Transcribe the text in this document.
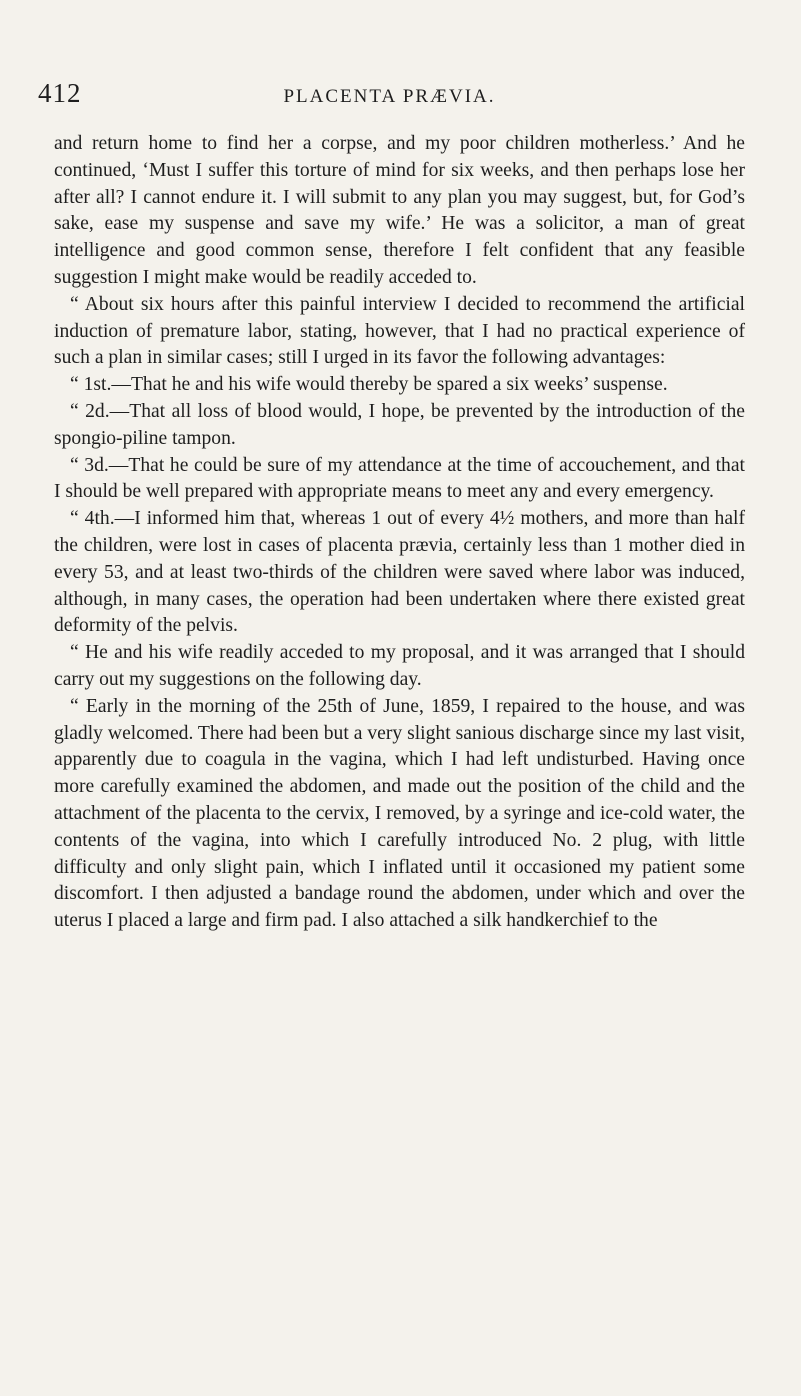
412	PLACENTA PRÆVIA.

and return home to find her a corpse, and my poor children motherless.’ And he continued, ‘Must I suffer this torture of mind for six weeks, and then perhaps lose her after all? I cannot endure it. I will submit to any plan you may suggest, but, for God’s sake, ease my suspense and save my wife.’ He was a solicitor, a man of great intelligence and good common sense, therefore I felt confident that any feasible suggestion I might make would be readily acceded to.

“ About six hours after this painful interview I decided to recommend the artificial induction of premature labor, stating, however, that I had no practical experience of such a plan in similar cases; still I urged in its favor the following advantages:

“ 1st.—That he and his wife would thereby be spared a six weeks’ suspense.

“ 2d.—That all loss of blood would, I hope, be prevented by the introduction of the spongio-piline tampon.

“ 3d.—That he could be sure of my attendance at the time of accouchement, and that I should be well prepared with appropriate means to meet any and every emergency.

“ 4th.—I informed him that, whereas 1 out of every 4½ mothers, and more than half the children, were lost in cases of placenta prævia, certainly less than 1 mother died in every 53, and at least two-thirds of the children were saved where labor was induced, although, in many cases, the operation had been undertaken where there existed great deformity of the pelvis.

“ He and his wife readily acceded to my proposal, and it was arranged that I should carry out my suggestions on the following day.

“ Early in the morning of the 25th of June, 1859, I repaired to the house, and was gladly welcomed. There had been but a very slight sanious discharge since my last visit, apparently due to coagula in the vagina, which I had left undisturbed. Having once more carefully examined the abdomen, and made out the position of the child and the attachment of the placenta to the cervix, I removed, by a syringe and ice-cold water, the contents of the vagina, into which I carefully introduced No. 2 plug, with little difficulty and only slight pain, which I inflated until it occasioned my patient some discomfort. I then adjusted a bandage round the abdomen, under which and over the uterus I placed a large and firm pad. I also attached a silk handkerchief to the
